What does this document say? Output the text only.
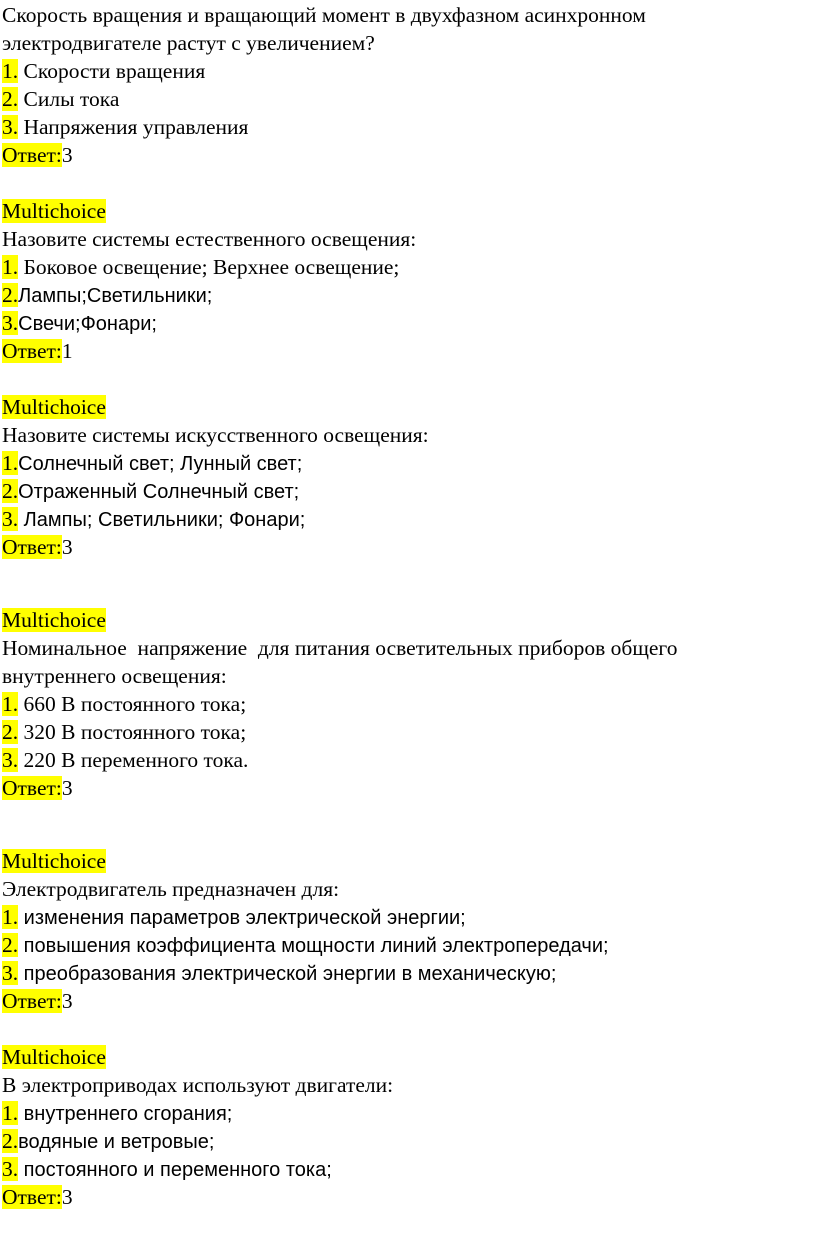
Скорость вращения и вращающий момент в двухфазном асинхронном
электродвигателе растут с увеличением?
1. Скорости вращения
2. Силы тока
3. Напряжения управления
Ответ:3
Multichoice
Назовите системы естественного освещения:
1. Боковое освещение; Верхнее освещение;
2.Лампы;Светильники;
3.Свечи;Фонари;
Ответ:1
Multichoice
Назовите системы искусственного освещения:
1.Солнечный свет; Лунный свет;
2.Отраженный Солнечный свет;
3. Лампы; Светильники; Фонари;
Ответ:3
Multichoice
Номинальное  напряжение  для питания осветительных приборов общего
внутреннего освещения:
1. 660 В постоянного тока;
2. 320 В постоянного тока;
3. 220 В переменного тока.
Ответ:3
Multichoice
Электродвигатель предназначен для:
1. изменения параметров электрической энергии;
2. повышения коэффициента мощности линий электропередачи;
3. преобразования электрической энергии в механическую;
Ответ:3
Multichoice
В электроприводах используют двигатели:
1. внутреннего сгорания;
2.водяные и ветровые;
3. постоянного и переменного тока;
Ответ:3
